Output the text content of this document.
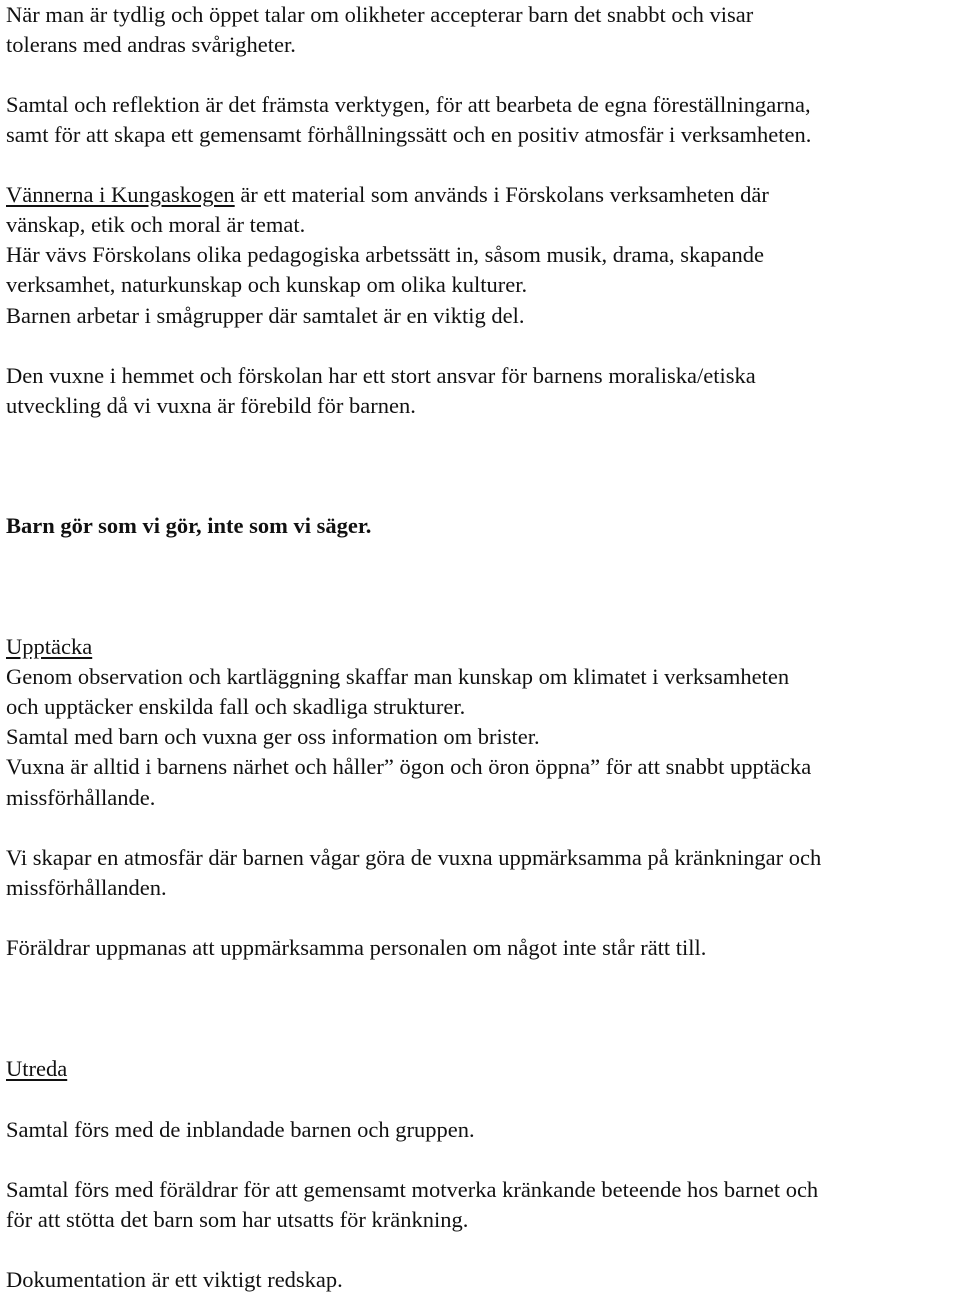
När man är tydlig och öppet talar om olikheter accepterar barn det snabbt och visar
tolerans med andras svårigheter.
Samtal och reflektion är det främsta verktygen, för att bearbeta de egna föreställningarna,
samt för att skapa ett gemensamt förhållningssätt och en positiv atmosfär i verksamheten.
Vännerna i Kungaskogen är ett material som används i Förskolans verksamheten där
vänskap, etik och moral är temat.
Här vävs Förskolans olika pedagogiska arbetssätt in, såsom musik, drama, skapande
verksamhet, naturkunskap och kunskap om olika kulturer.
Barnen arbetar i smågrupper där samtalet är en viktig del.
Den vuxne i hemmet och förskolan har ett stort ansvar för barnens moraliska/etiska
utveckling då vi vuxna är förebild för barnen.
Barn gör som vi gör, inte som vi säger.
Upptäcka
Genom observation och kartläggning skaffar man kunskap om klimatet i verksamheten
och upptäcker enskilda fall och skadliga strukturer.
Samtal med barn och vuxna ger oss information om brister.
Vuxna är alltid i barnens närhet och håller” ögon och öron öppna” för att snabbt upptäcka
missförhållande.
Vi skapar en atmosfär där barnen vågar göra de vuxna uppmärksamma på kränkningar och
missförhållanden.
Föräldrar uppmanas att uppmärksamma personalen om något inte står rätt till.
Utreda
Samtal förs med de inblandade barnen och gruppen.
Samtal förs med föräldrar för att gemensamt motverka kränkande beteende hos barnet och
för att stötta det barn som har utsatts för kränkning.
Dokumentation är ett viktigt redskap.
